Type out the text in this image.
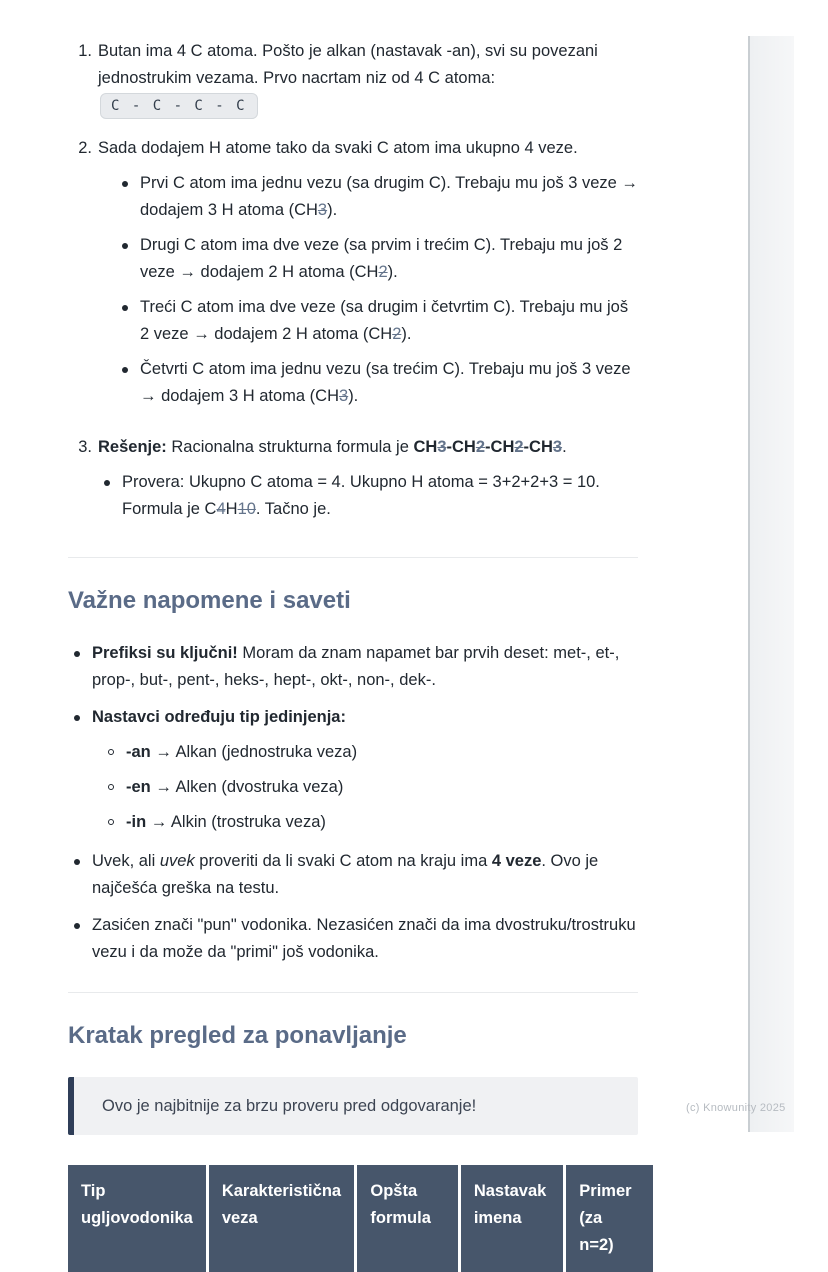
1. Butan ima 4 C atoma. Pošto je alkan (nastavak -an), svi su povezani jednostrukim vezama. Prvo nacrtam niz od 4 C atoma: C - C - C - C
2. Sada dodajem H atome tako da svaki C atom ima ukupno 4 veze.
Prvi C atom ima jednu vezu (sa drugim C). Trebaju mu još 3 veze → dodajem 3 H atoma (CH3).
Drugi C atom ima dve veze (sa prvim i trećim C). Trebaju mu još 2 veze → dodajem 2 H atoma (CH2).
Treći C atom ima dve veze (sa drugim i četvrtim C). Trebaju mu još 2 veze → dodajem 2 H atoma (CH2).
Četvrti C atom ima jednu vezu (sa trećim C). Trebaju mu još 3 veze → dodajem 3 H atoma (CH3).
3. Rešenje: Racionalna strukturna formula je CH3-CH2-CH2-CH3.
Provera: Ukupno C atoma = 4. Ukupno H atoma = 3+2+2+3 = 10. Formula je C4H10. Tačno je.
Važne napomene i saveti
Prefiksi su ključni! Moram da znam napamet bar prvih deset: met-, et-, prop-, but-, pent-, heks-, hept-, okt-, non-, dek-.
Nastavci određuju tip jedinjenja:
-an → Alkan (jednostruka veza)
-en → Alken (dvostruka veza)
-in → Alkin (trostruka veza)
Uvek, ali uvek proveriti da li svaki C atom na kraju ima 4 veze. Ovo je najčešća greška na testu.
Zasićen znači "pun" vodonika. Nezasićen znači da ima dvostruku/trostruku vezu i da može da "primi" još vodonika.
Kratak pregled za ponavljanje

Ovo je najbitnije za brzu proveru pred odgovaranje!

Tip ugljovodonika
Karakteristična veza
Opšta formula
Nastavak imena
Primer (za n=2)
(c) Knowunity 2025
